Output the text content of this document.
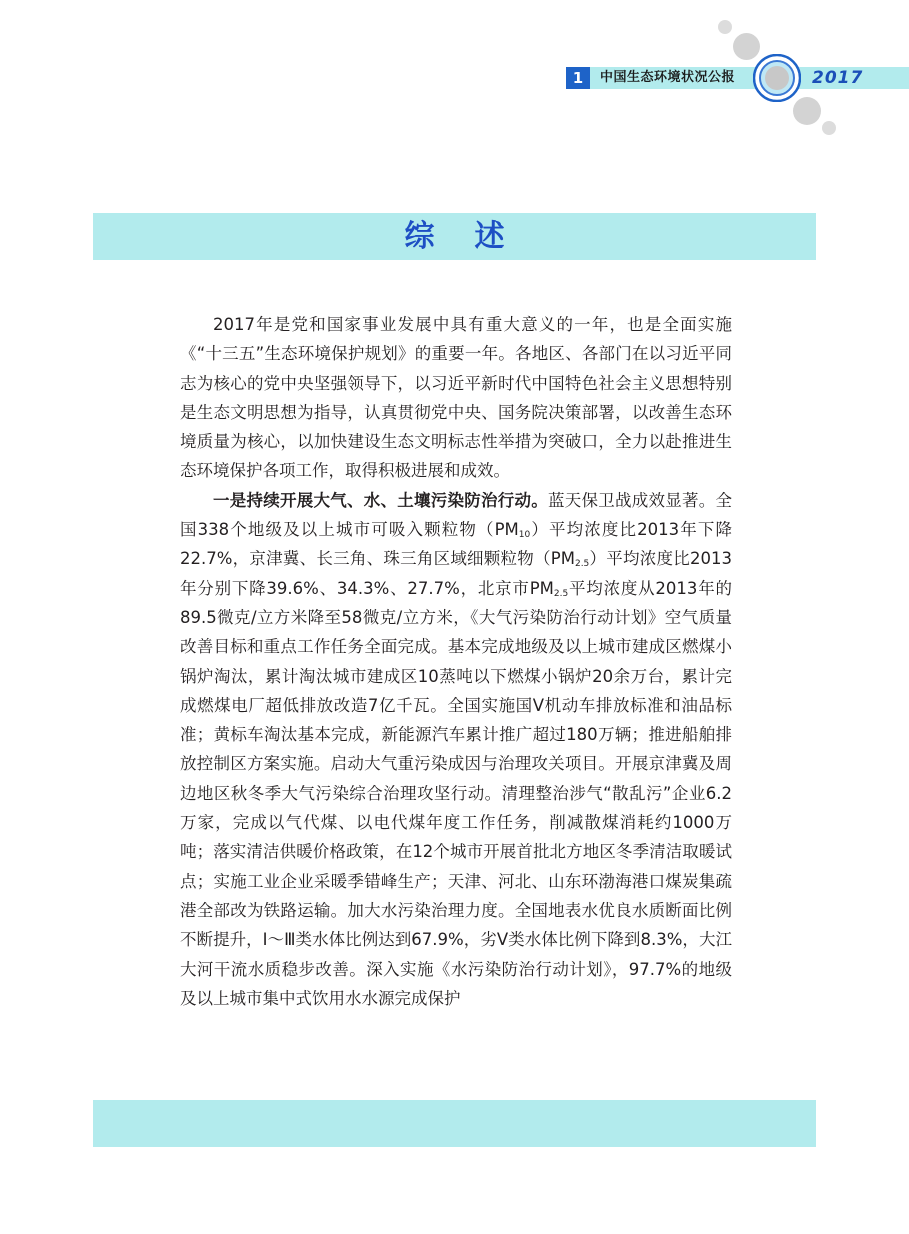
1	中国生态环境状况公报	2017
综述

2017年是党和国家事业发展中具有重大意义的一年，也是全面实施《“十三五”生态环境保护规划》的重要一年。各地区、各部门在以习近平同志为核心的党中央坚强领导下，以习近平新时代中国特色社会主义思想特别是生态文明思想为指导，认真贯彻党中央、国务院决策部署，以改善生态环境质量为核心，以加快建设生态文明标志性举措为突破口，全力以赴推进生态环境保护各项工作，取得积极进展和成效。

一是持续开展大气、水、土壤污染防治行动。蓝天保卫战成效显著。全国338个地级及以上城市可吸入颗粒物$(PM_{10})$平均浓度比2013年下降22.7%，京津冀、长三角、珠三角区域细颗粒物$(PM_{2.5})$平均浓度比2013年分别下降39.6%、34.3%、27.7%，北京市$PM_{2.5}$平均浓度从2013年的89.5微克/立方米降至58微克/立方米，《大气污染防治行动计划》空气质量改善目标和重点工作任务全面完成。基本完成地级及以上城市建成区燃煤小锅炉淘汰，累计淘汰城市建成区10蒸吨以下燃煤小锅炉20余万台，累计完成燃煤电厂超低排放改造7亿千瓦。全国实施国Ⅴ机动车排放标准和油品标准；黄标车淘汰基本完成，新能源汽车累计推广超过180万辆；推进船舶排放控制区方案实施。启动大气重污染成因与治理攻关项目。开展京津冀及周边地区秋冬季大气污染综合治理攻坚行动。清理整治涉气“散乱污”企业6.2万家，完成以气代煤、以电代煤年度工作任务，削减散煤消耗约1000万吨；落实清洁供暖价格政策，在12个城市开展首批北方地区冬季清洁取暖试点；实施工业企业采暖季错峰生产；天津、河北、山东环渤海港口煤炭集疏港全部改为铁路运输。加大水污染治理力度。全国地表水优良水质断面比例不断提升，Ⅰ～Ⅲ类水体比例达到67.9%，劣Ⅴ类水体比例下降到8.3%，大江大河干流水质稳步改善。深入实施《水污染防治行动计划》，97.7%的地级及以上城市集中式饮用水水源完成保护
